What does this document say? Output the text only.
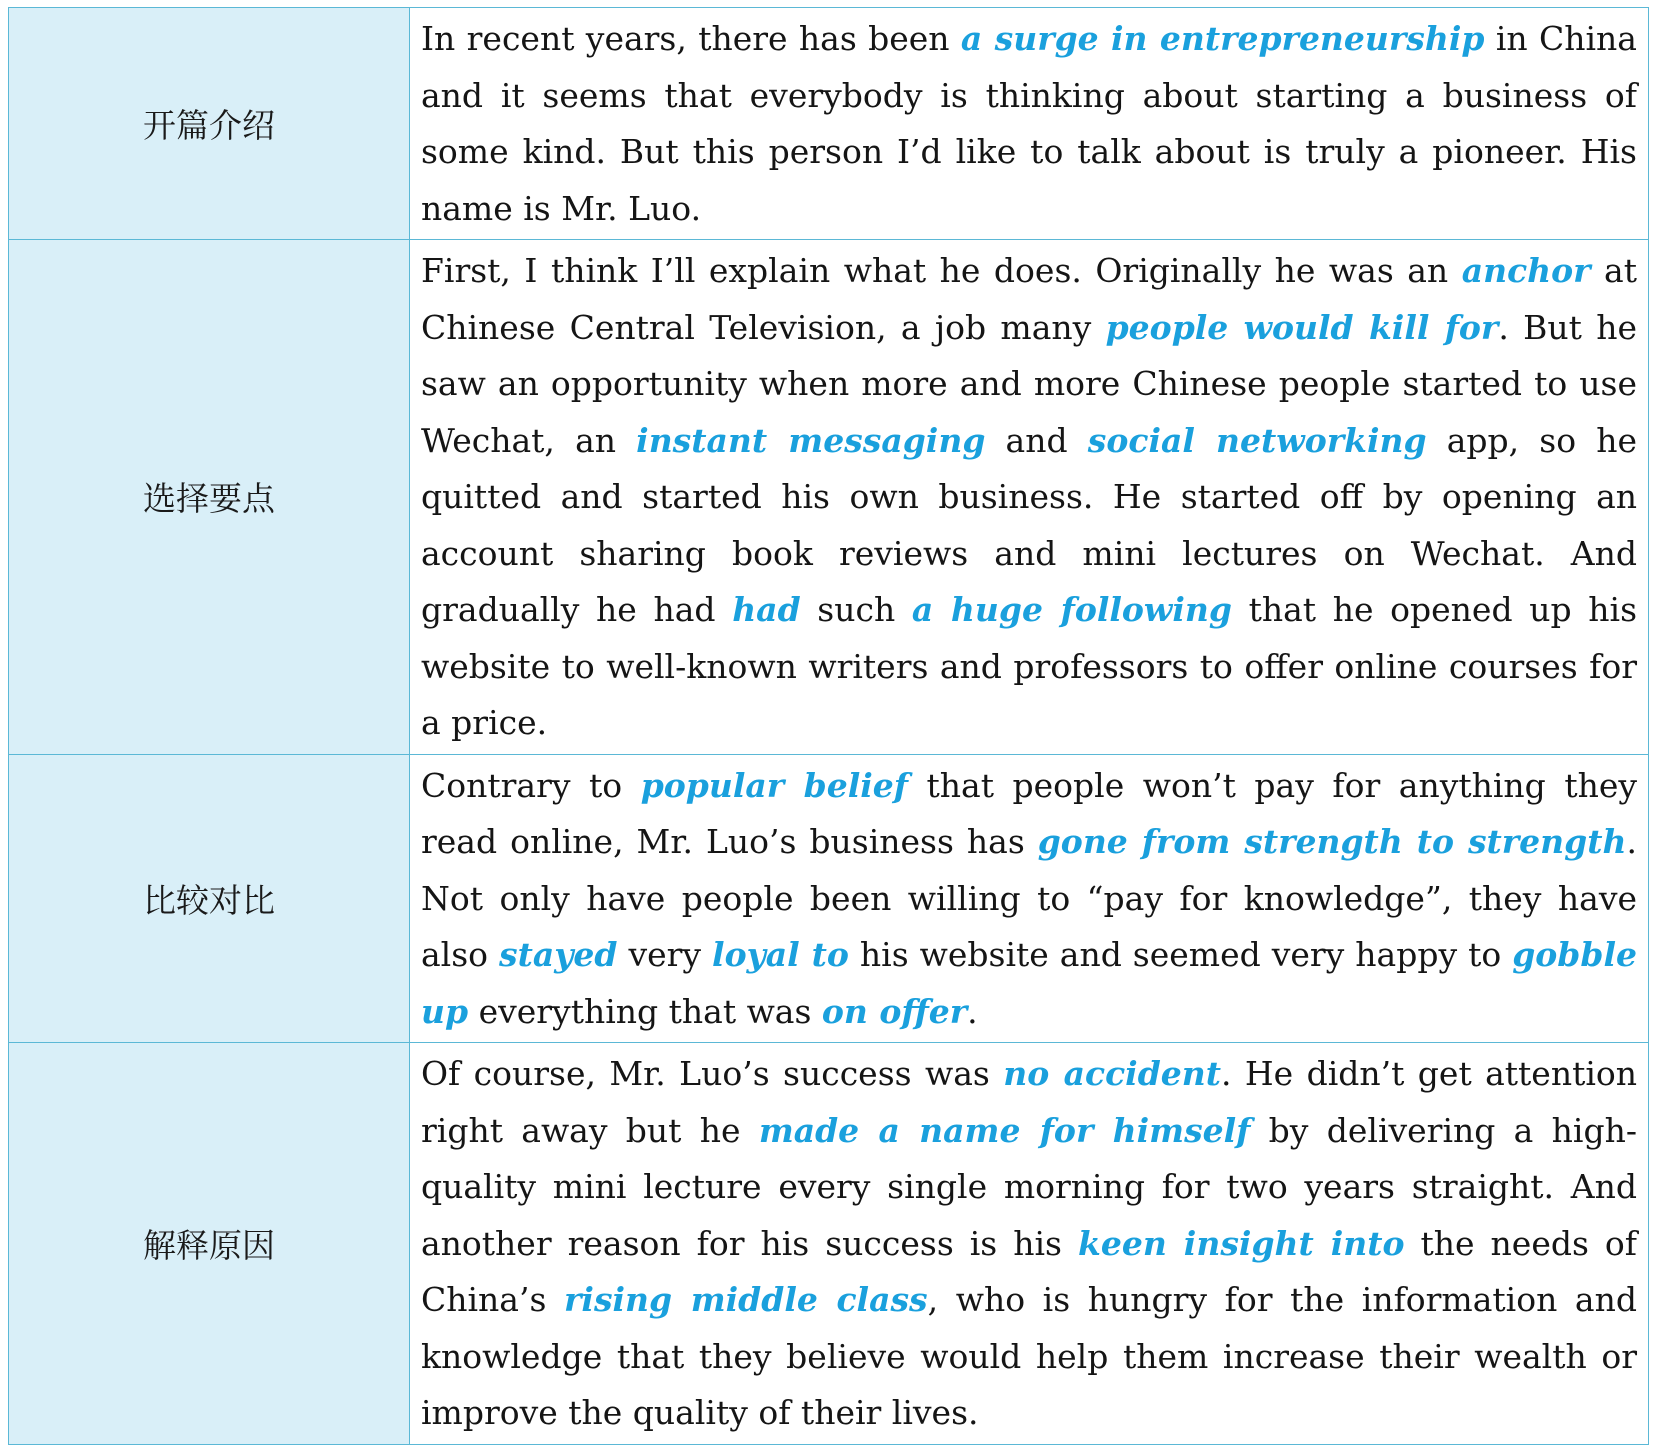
开篇介绍	In recent years, there has been a surge in entrepreneurship in China and it seems that everybody is thinking about starting a business of some kind. But this person I’d like to talk about is truly a pioneer. His name is Mr. Luo.
选择要点	First, I think I’ll explain what he does. Originally he was an anchor at Chinese Central Television, a job many people would kill for. But he saw an opportunity when more and more Chinese people started to use Wechat, an instant messaging and social networking app, so he quitted and started his own business. He started off by opening an account sharing book reviews and mini lectures on Wechat. And gradually he had had such a huge following that he opened up his website to well-known writers and professors to offer online courses for a price.
比较对比	Contrary to popular belief that people won’t pay for anything they read online, Mr. Luo’s business has gone from strength to strength. Not only have people been willing to “pay for knowledge”, they have also stayed very loyal to his website and seemed very happy to gobble up everything that was on offer.
解释原因	Of course, Mr. Luo’s success was no accident. He didn’t get attention right away but he made a name for himself by delivering a high-quality mini lecture every single morning for two years straight. And another reason for his success is his keen insight into the needs of China’s rising middle class, who is hungry for the information and knowledge that they believe would help them increase their wealth or improve the quality of their lives.
